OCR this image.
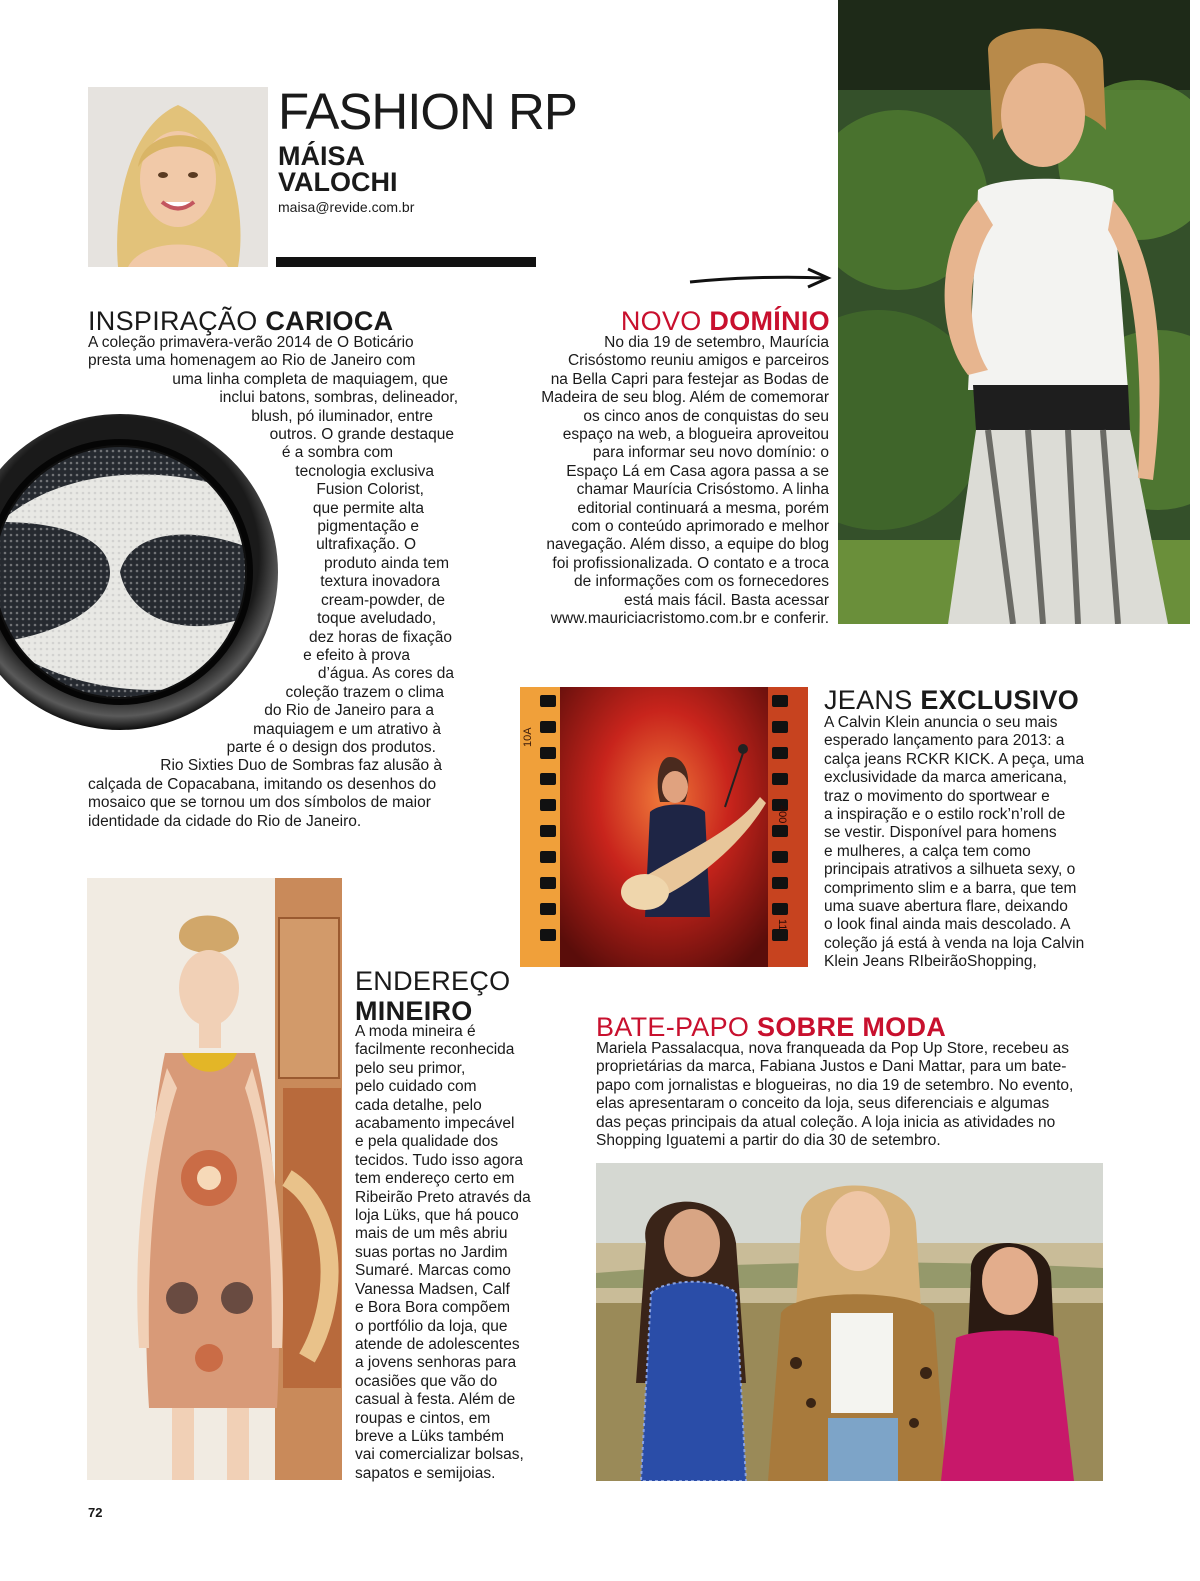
FASHION RP
MÁISA
VALOCHI
maisa@revide.com.br
INSPIRAÇÃO CARIOCA
A coleção primavera-verão 2014 de O Boticário
presta uma homenagem ao Rio de Janeiro com
uma linha completa de maquiagem, que
inclui batons, sombras, delineador,
blush, pó iluminador, entre
outros. O grande destaque
é a sombra com
tecnologia exclusiva
Fusion Colorist,
que permite alta
pigmentação e
ultrafixação. O
produto ainda tem
textura inovadora
cream-powder, de
toque aveludado,
dez horas de fixação
e efeito à prova
d’água. As cores da
coleção trazem o clima
do Rio de Janeiro para a
maquiagem e um atrativo à
parte é o design dos produtos.
Rio Sixties Duo de Sombras faz alusão à
calçada de Copacabana, imitando os desenhos do
mosaico que se tornou um dos símbolos de maior
identidade da cidade do Rio de Janeiro.
NOVO DOMÍNIO
No dia 19 de setembro, Maurícia
Crisóstomo reuniu amigos e parceiros
na Bella Capri para festejar as Bodas de
Madeira de seu blog. Além de comemorar
os cinco anos de conquistas do seu
espaço na web, a blogueira aproveitou
para informar seu novo domínio: o
Espaço Lá em Casa agora passa a se
chamar Maurícia Crisóstomo. A linha
editorial continuará a mesma, porém
com o conteúdo aprimorado e melhor
navegação. Além disso, a equipe do blog
foi profissionalizada. O contato e a troca
de informações com os fornecedores
está mais fácil. Basta acessar
www.mauriciacristomo.com.br e conferir.
10A
400
11
JEANS EXCLUSIVO
A Calvin Klein anuncia o seu mais
esperado lançamento para 2013: a
calça jeans RCKR KICK. A peça, uma
exclusividade da marca americana,
traz o movimento do sportwear e
a inspiração e o estilo rock’n’roll de
se vestir. Disponível para homens
e mulheres, a calça tem como
principais atrativos a silhueta sexy, o
comprimento slim e a barra, que tem
uma suave abertura flare, deixando
o look final ainda mais descolado. A
coleção já está à venda na loja Calvin
Klein Jeans RIbeirãoShopping,
ENDEREÇO
MINEIRO
A moda mineira é
facilmente reconhecida
pelo seu primor,
pelo cuidado com
cada detalhe, pelo
acabamento impecável
e pela qualidade dos
tecidos. Tudo isso agora
tem endereço certo em
Ribeirão Preto através da
loja Lüks, que há pouco
mais de um mês abriu
suas portas no Jardim
Sumaré. Marcas como
Vanessa Madsen, Calf
e Bora Bora compõem
o portfólio da loja, que
atende de adolescentes
a jovens senhoras para
ocasiões que vão do
casual à festa. Além de
roupas e cintos, em
breve a Lüks também
vai comercializar bolsas,
sapatos e semijoias.
BATE-PAPO SOBRE MODA
Mariela Passalacqua, nova franqueada da Pop Up Store, recebeu as
proprietárias da marca, Fabiana Justos e Dani Mattar, para um bate-
papo com jornalistas e blogueiras, no dia 19 de setembro. No evento,
elas apresentaram o conceito da loja, seus diferenciais e algumas
das peças principais da atual coleção. A loja inicia as atividades no
Shopping Iguatemi a partir do dia 30 de setembro.
72
